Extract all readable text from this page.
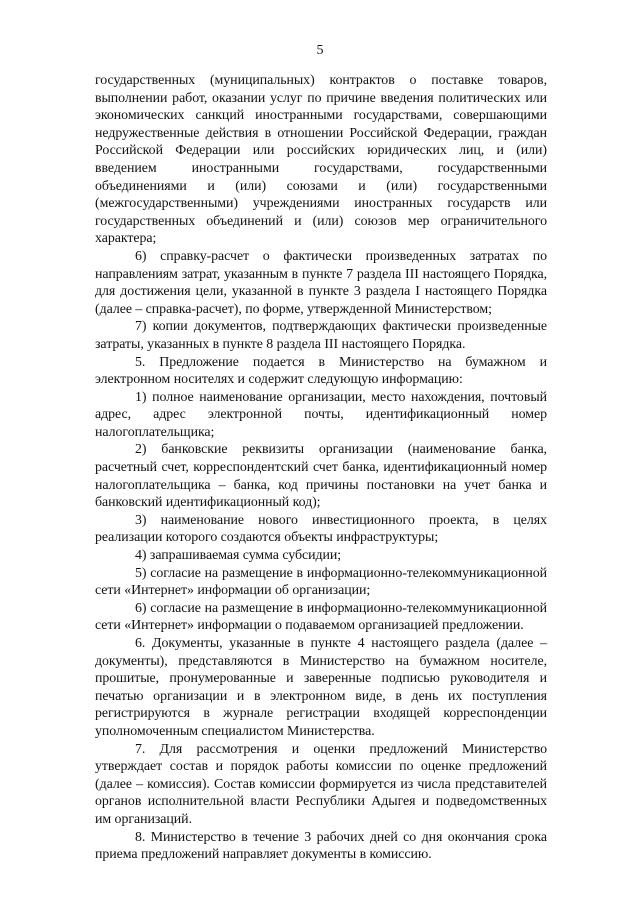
5

государственных (муниципальных) контрактов о поставке товаров, выполнении работ, оказании услуг по причине введения политических или экономических санкций иностранными государствами, совершающими недружественные действия в отношении Российской Федерации, граждан Российской Федерации или российских юридических лиц, и (или) введением иностранными государствами, государственными объединениями и (или) союзами и (или) государственными (межгосударственными) учреждениями иностранных государств или государственных объединений и (или) союзов мер ограничительного характера;

6) справку-расчет о фактически произведенных затратах по направлениям затрат, указанным в пункте 7 раздела III настоящего Порядка, для достижения цели, указанной в пункте 3 раздела I настоящего Порядка (далее – справка-расчет), по форме, утвержденной Министерством;

7) копии документов, подтверждающих фактически произведенные затраты, указанных в пункте 8 раздела III настоящего Порядка.

5. Предложение подается в Министерство на бумажном и электронном носителях и содержит следующую информацию:

1) полное наименование организации, место нахождения, почтовый адрес, адрес электронной почты, идентификационный номер налогоплательщика;

2) банковские реквизиты организации (наименование банка, расчетный счет, корреспондентский счет банка, идентификационный номер налогоплательщика – банка, код причины постановки на учет банка и банковский идентификационный код);

3) наименование нового инвестиционного проекта, в целях реализации которого создаются объекты инфраструктуры;

4) запрашиваемая сумма субсидии;

5) согласие на размещение в информационно-телекоммуникационной сети «Интернет» информации об организации;

6) согласие на размещение в информационно-телекоммуникационной сети «Интернет» информации о подаваемом организацией предложении.

6. Документы, указанные в пункте 4 настоящего раздела (далее – документы), представляются в Министерство на бумажном носителе, прошитые, пронумерованные и заверенные подписью руководителя и печатью организации и в электронном виде, в день их поступления регистрируются в журнале регистрации входящей корреспонденции уполномоченным специалистом Министерства.

7. Для рассмотрения и оценки предложений Министерство утверждает состав и порядок работы комиссии по оценке предложений (далее – комиссия). Состав комиссии формируется из числа представителей органов исполнительной власти Республики Адыгея и подведомственных им организаций.

8. Министерство в течение 3 рабочих дней со дня окончания срока приема предложений направляет документы в комиссию.
